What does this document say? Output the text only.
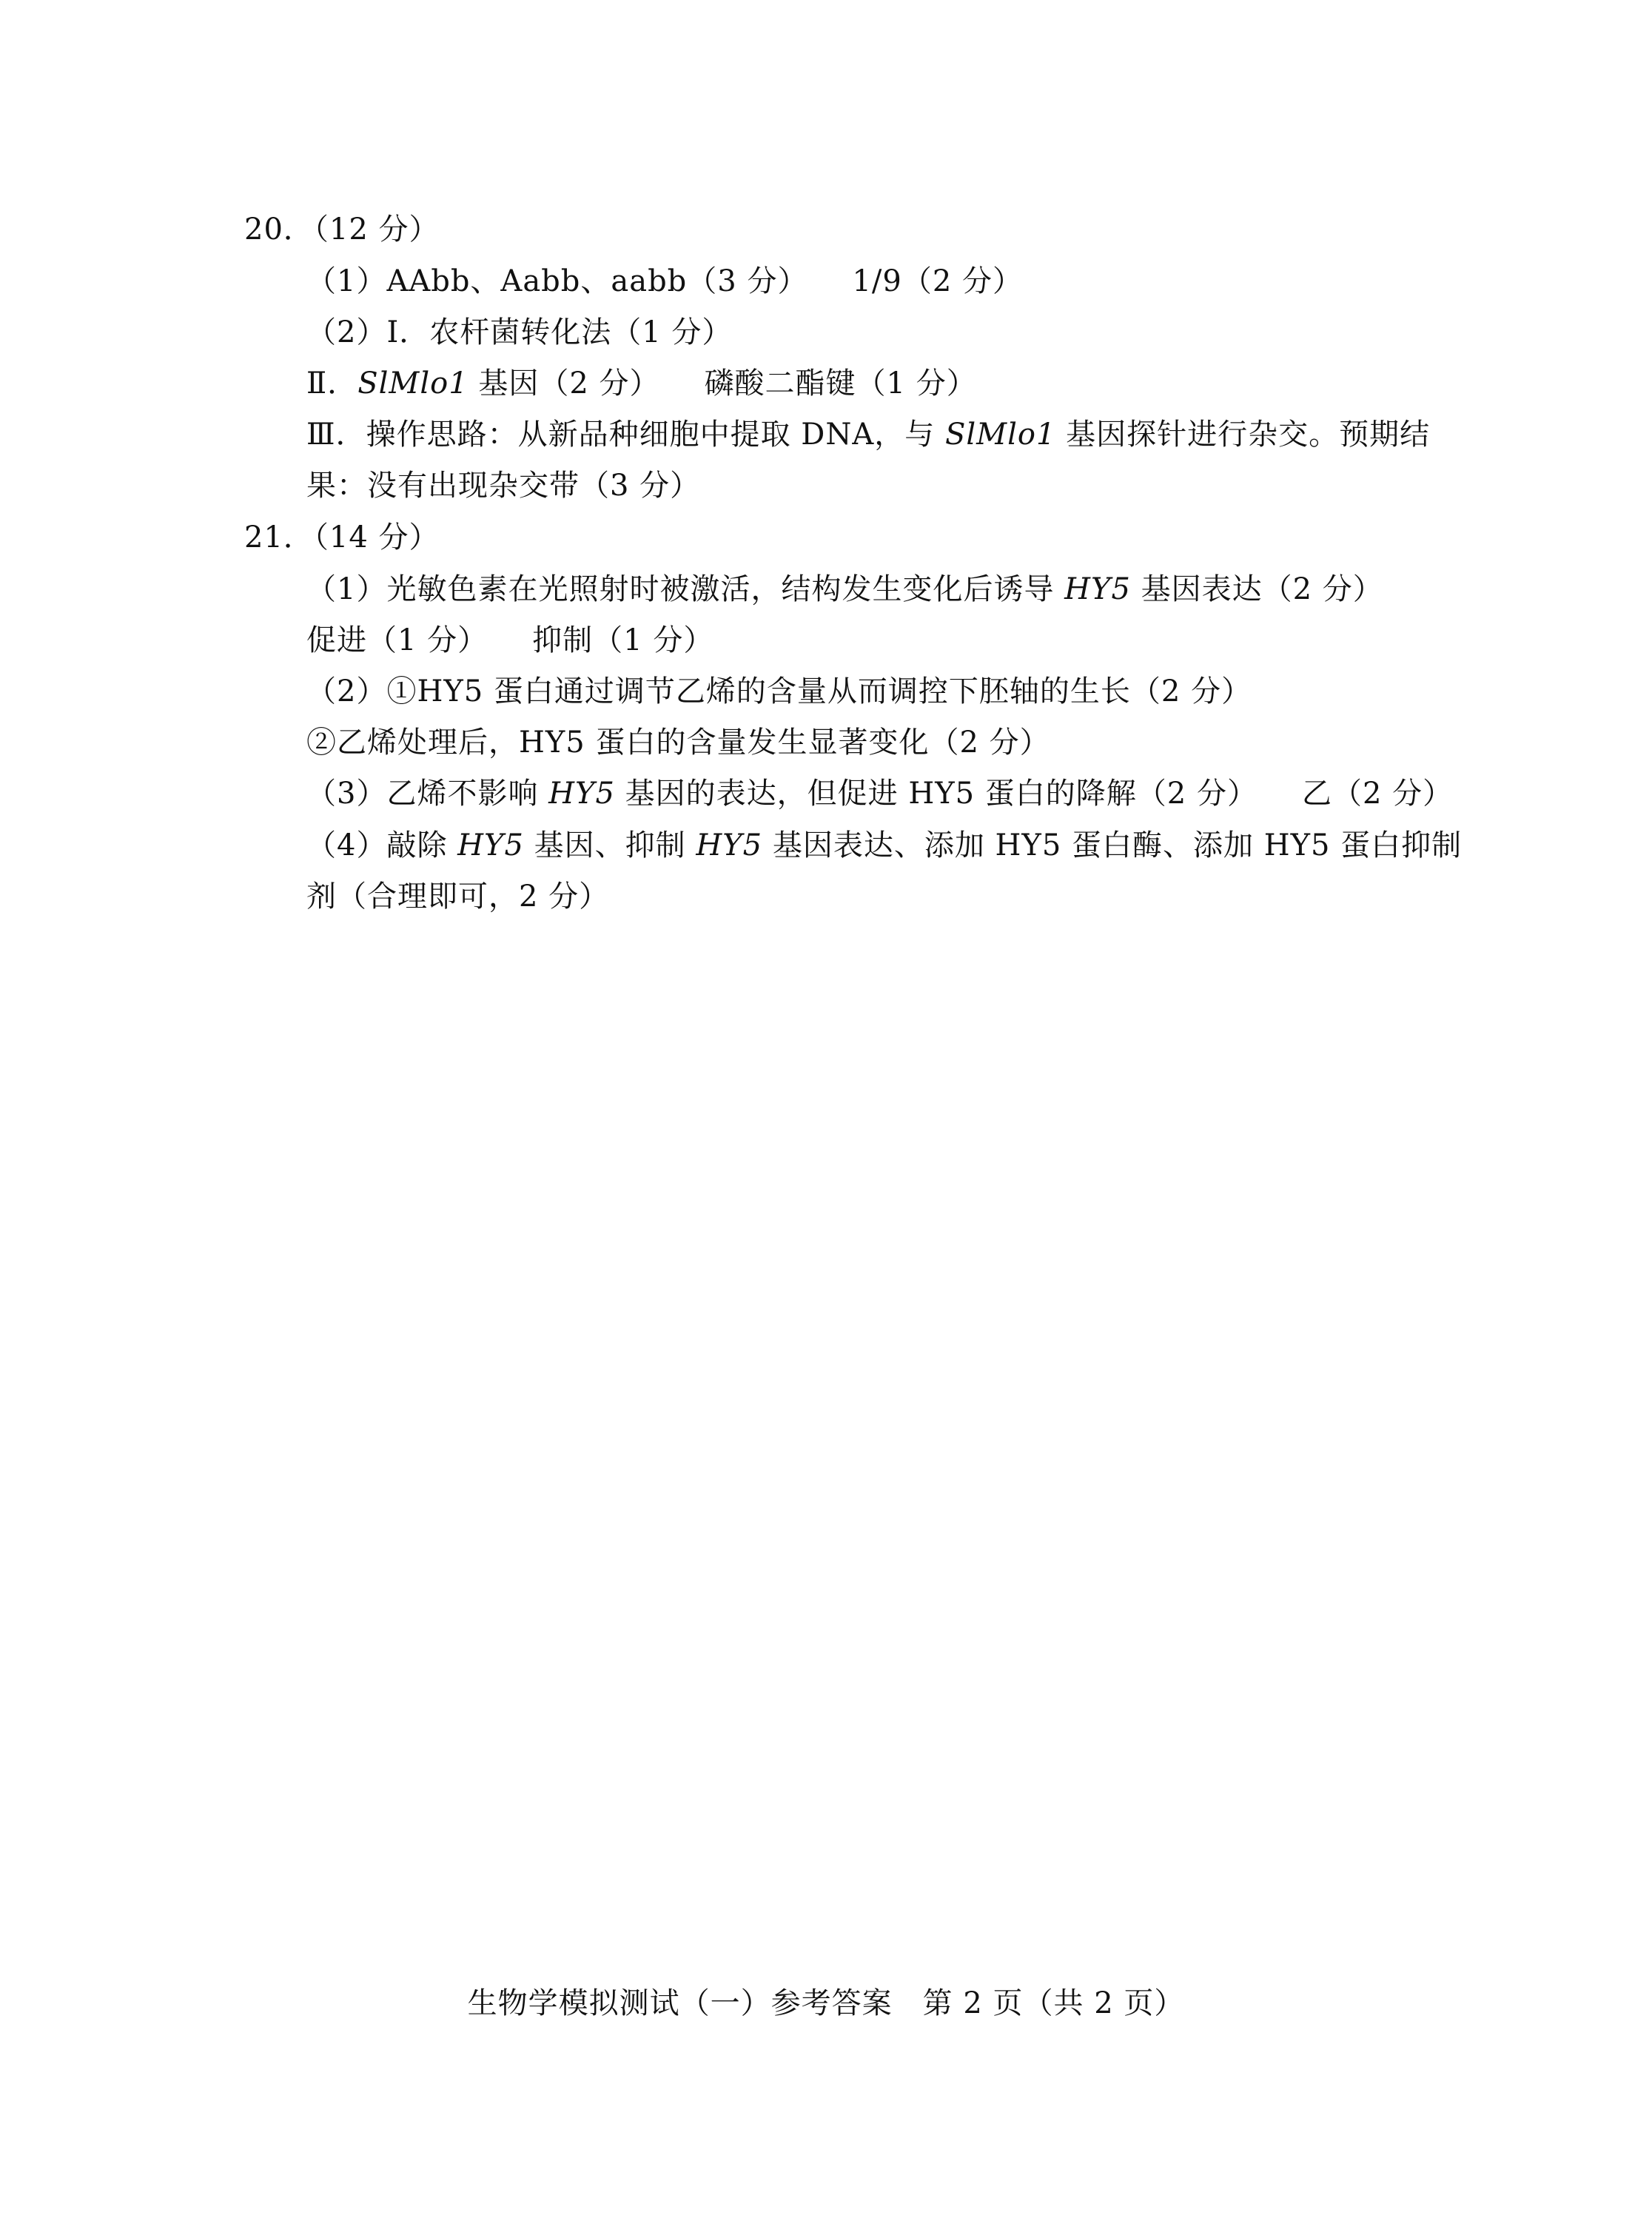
20．（12 分）
（1）AAbb、Aabb、aabb（3 分） 1/9（2 分）
（2）Ⅰ．农杆菌转化法（1 分）
Ⅱ．SlMlo1 基因（2 分） 磷酸二酯键（1 分）
Ⅲ．操作思路：从新品种细胞中提取 DNA，与 SlMlo1 基因探针进行杂交。预期结
果：没有出现杂交带（3 分）
21．（14 分）
（1）光敏色素在光照射时被激活，结构发生变化后诱导 HY5 基因表达（2 分）
促进（1 分） 抑制（1 分）
（2）①HY5 蛋白通过调节乙烯的含量从而调控下胚轴的生长（2 分）
②乙烯处理后，HY5 蛋白的含量发生显著变化（2 分）
（3）乙烯不影响 HY5 基因的表达，但促进 HY5 蛋白的降解（2 分） 乙（2 分）
（4）敲除 HY5 基因、抑制 HY5 基因表达、添加 HY5 蛋白酶、添加 HY5 蛋白抑制
剂（合理即可，2 分）
生物学模拟测试（一）参考答案　第 2 页（共 2 页）
